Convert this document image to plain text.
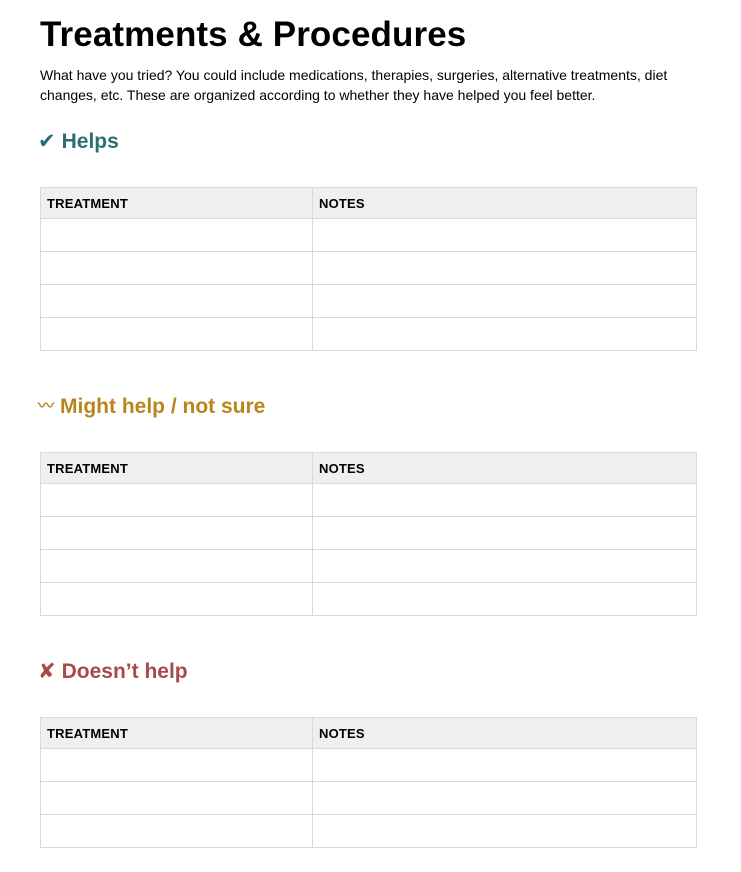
Treatments & Procedures

What have you tried? You could include medications, therapies, surgeries, alternative treatments, diet changes, etc. These are organized according to whether they have helped you feel better.

✔ Helps
TREATMENT	NOTES

〰 Might help / not sure
TREATMENT	NOTES

✘ Doesn’t help
TREATMENT	NOTES
